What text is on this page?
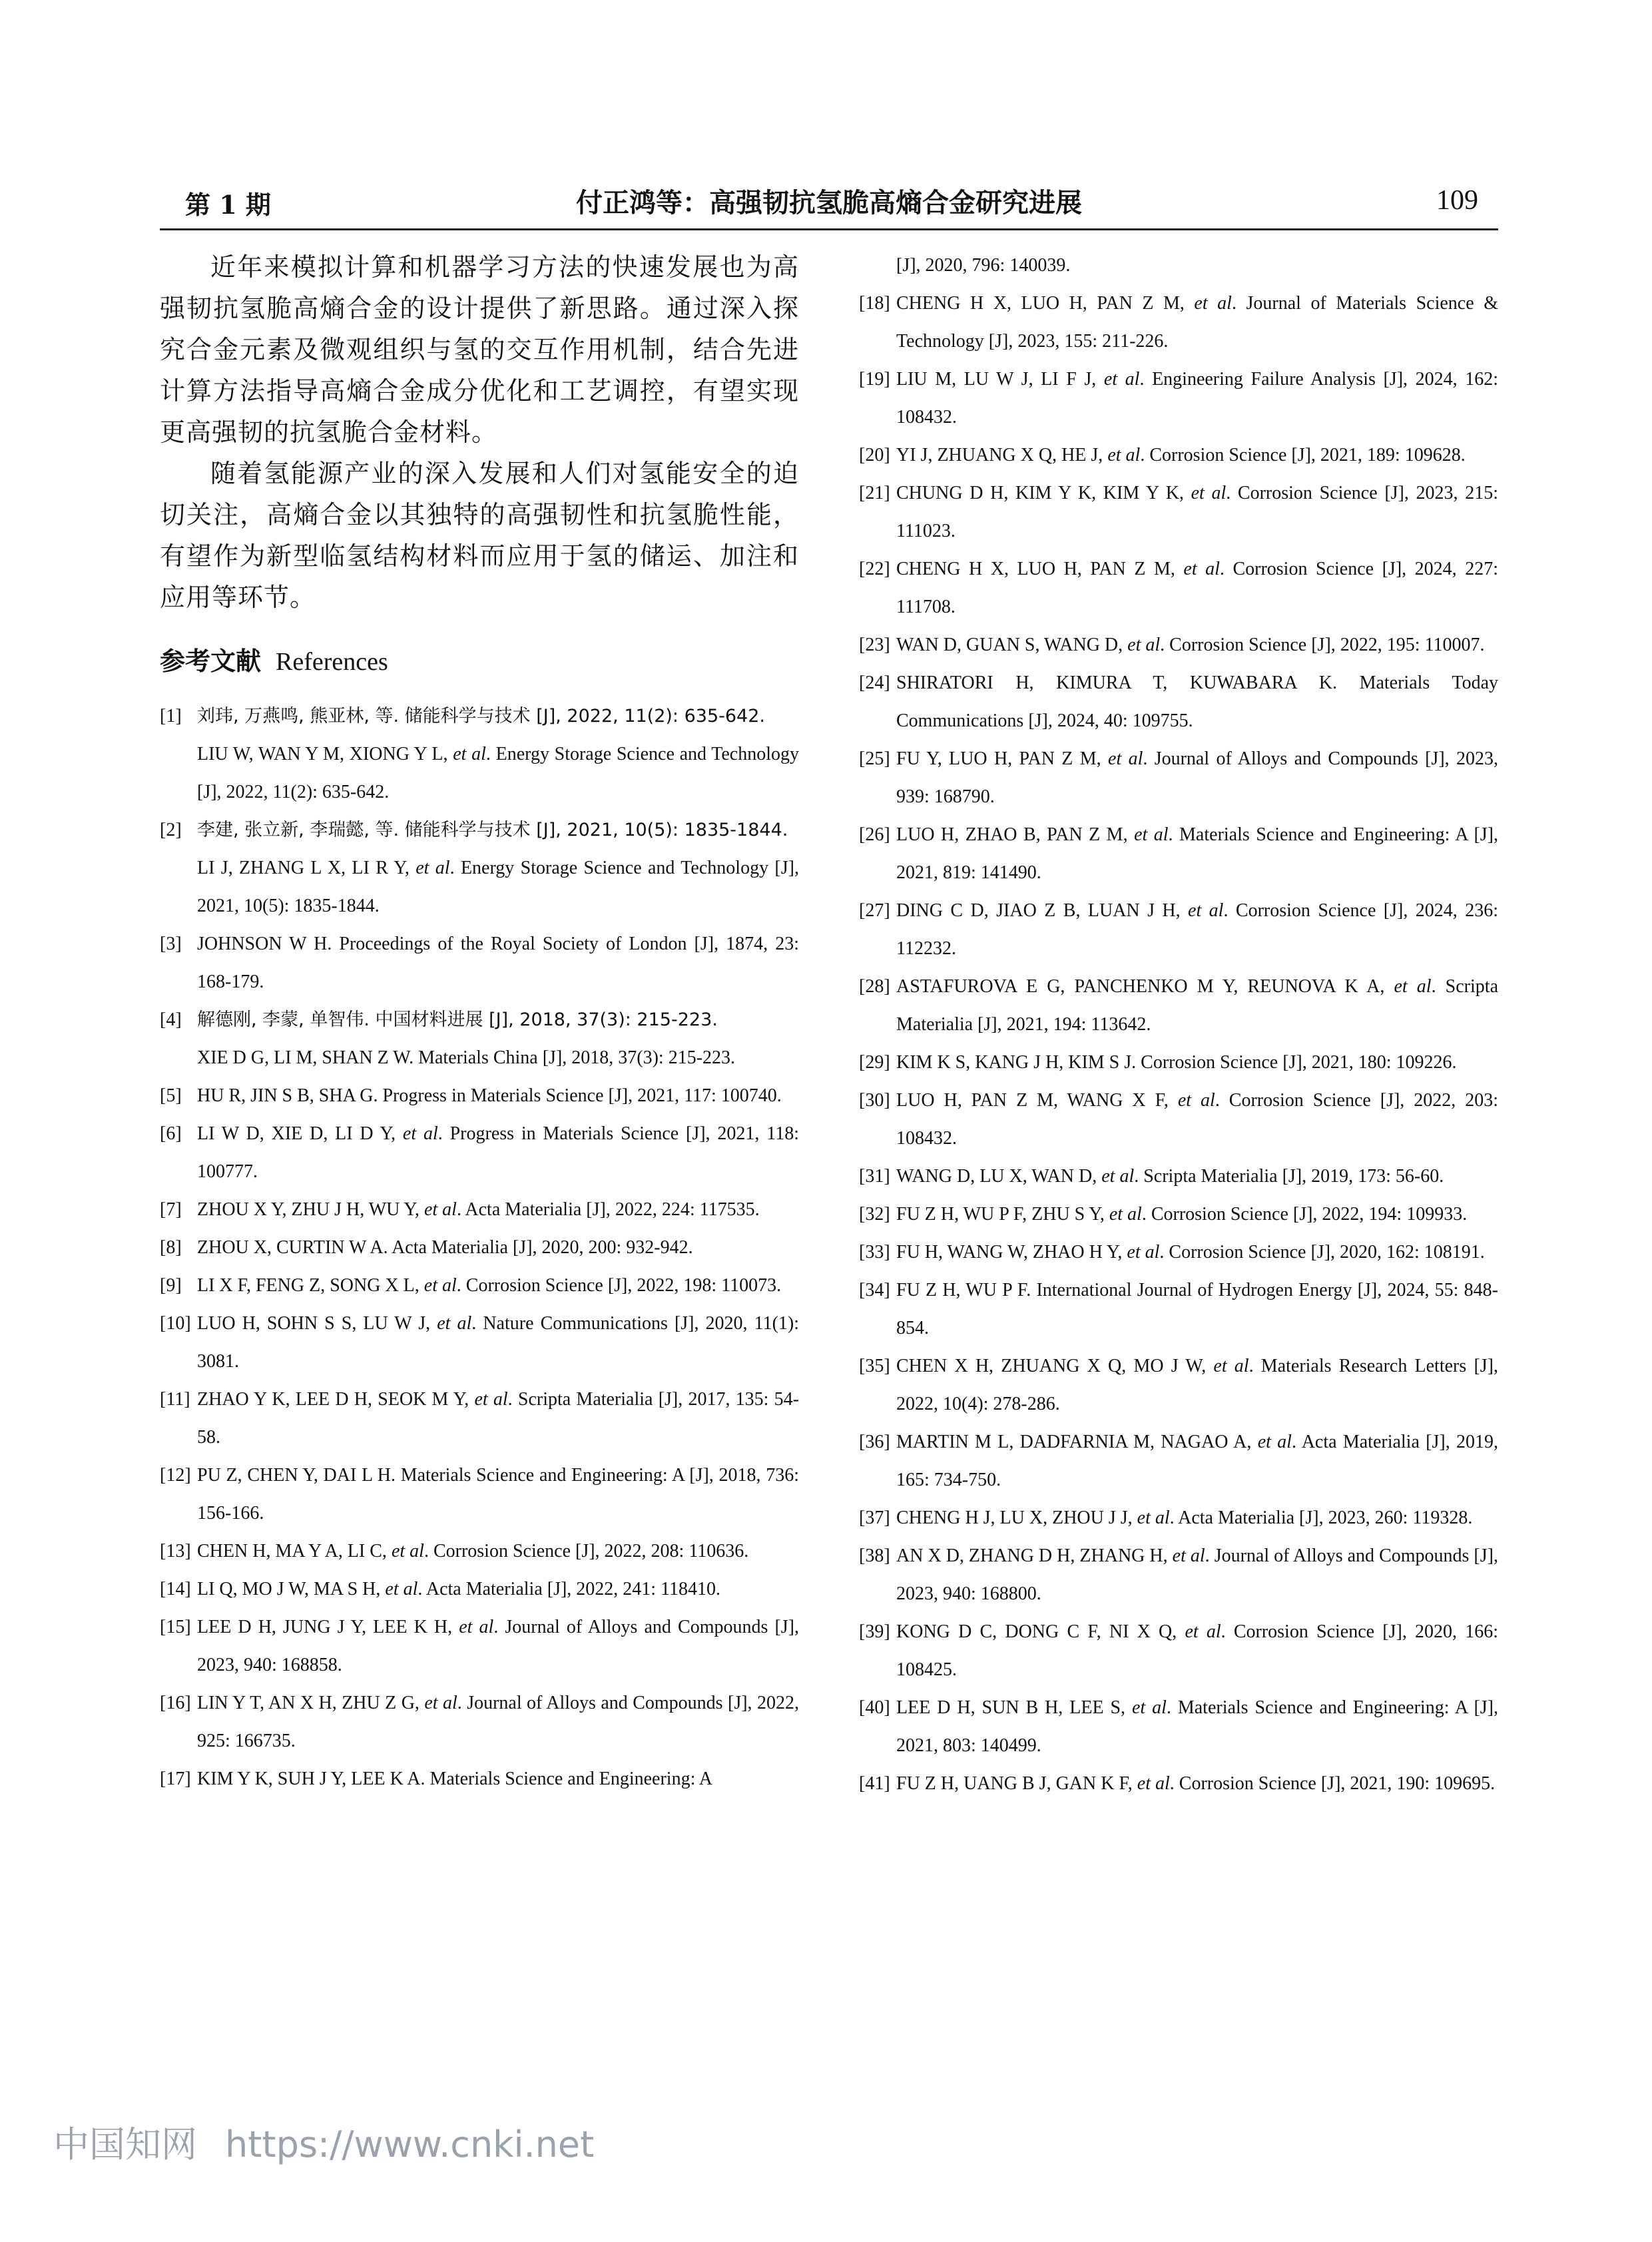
第 1 期	付正鸿等：高强韧抗氢脆高熵合金研究进展	109

近年来模拟计算和机器学习方法的快速发展也为高强韧抗氢脆高熵合金的设计提供了新思路。通过深入探究合金元素及微观组织与氢的交互作用机制，结合先进计算方法指导高熵合金成分优化和工艺调控，有望实现更高强韧的抗氢脆合金材料。

随着氢能源产业的深入发展和人们对氢能安全的迫切关注，高熵合金以其独特的高强韧性和抗氢脆性能，有望作为新型临氢结构材料而应用于氢的储运、加注和应用等环节。

参考文献 References

[1] 刘玮, 万燕鸣, 熊亚林, 等. 储能科学与技术 [J], 2022, 11(2): 635-642.
LIU W, WAN Y M, XIONG Y L, et al. Energy Storage Science and Technology [J], 2022, 11(2): 635-642.

[2] 李建, 张立新, 李瑞懿, 等. 储能科学与技术 [J], 2021, 10(5): 1835-1844.
LI J, ZHANG L X, LI R Y, et al. Energy Storage Science and Technology [J], 2021, 10(5): 1835-1844.

[3] JOHNSON W H. Proceedings of the Royal Society of London [J], 1874, 23: 168-179.

[4] 解德刚, 李蒙, 单智伟. 中国材料进展 [J], 2018, 37(3): 215-223.
XIE D G, LI M, SHAN Z W. Materials China [J], 2018, 37(3): 215-223.

[5] HU R, JIN S B, SHA G. Progress in Materials Science [J], 2021, 117: 100740.

[6] LI W D, XIE D, LI D Y, et al. Progress in Materials Science [J], 2021, 118: 100777.

[7] ZHOU X Y, ZHU J H, WU Y, et al. Acta Materialia [J], 2022, 224: 117535.

[8] ZHOU X, CURTIN W A. Acta Materialia [J], 2020, 200: 932-942.

[9] LI X F, FENG Z, SONG X L, et al. Corrosion Science [J], 2022, 198: 110073.

[10] LUO H, SOHN S S, LU W J, et al. Nature Communications [J], 2020, 11(1): 3081.

[11] ZHAO Y K, LEE D H, SEOK M Y, et al. Scripta Materialia [J], 2017, 135: 54-58.

[12] PU Z, CHEN Y, DAI L H. Materials Science and Engineering: A [J], 2018, 736: 156-166.

[13] CHEN H, MA Y A, LI C, et al. Corrosion Science [J], 2022, 208: 110636.

[14] LI Q, MO J W, MA S H, et al. Acta Materialia [J], 2022, 241: 118410.

[15] LEE D H, JUNG J Y, LEE K H, et al. Journal of Alloys and Compounds [J], 2023, 940: 168858.

[16] LIN Y T, AN X H, ZHU Z G, et al. Journal of Alloys and Compounds [J], 2022, 925: 166735.

[17] KIM Y K, SUH J Y, LEE K A. Materials Science and Engineering: A

[J], 2020, 796: 140039.

[18] CHENG H X, LUO H, PAN Z M, et al. Journal of Materials Science & Technology [J], 2023, 155: 211-226.

[19] LIU M, LU W J, LI F J, et al. Engineering Failure Analysis [J], 2024, 162: 108432.

[20] YI J, ZHUANG X Q, HE J, et al. Corrosion Science [J], 2021, 189: 109628.

[21] CHUNG D H, KIM Y K, KIM Y K, et al. Corrosion Science [J], 2023, 215: 111023.

[22] CHENG H X, LUO H, PAN Z M, et al. Corrosion Science [J], 2024, 227: 111708.

[23] WAN D, GUAN S, WANG D, et al. Corrosion Science [J], 2022, 195: 110007.

[24] SHIRATORI H, KIMURA T, KUWABARA K. Materials Today Communications [J], 2024, 40: 109755.

[25] FU Y, LUO H, PAN Z M, et al. Journal of Alloys and Compounds [J], 2023, 939: 168790.

[26] LUO H, ZHAO B, PAN Z M, et al. Materials Science and Engineering: A [J], 2021, 819: 141490.

[27] DING C D, JIAO Z B, LUAN J H, et al. Corrosion Science [J], 2024, 236: 112232.

[28] ASTAFUROVA E G, PANCHENKO M Y, REUNOVA K A, et al. Scripta Materialia [J], 2021, 194: 113642.

[29] KIM K S, KANG J H, KIM S J. Corrosion Science [J], 2021, 180: 109226.

[30] LUO H, PAN Z M, WANG X F, et al. Corrosion Science [J], 2022, 203: 108432.

[31] WANG D, LU X, WAN D, et al. Scripta Materialia [J], 2019, 173: 56-60.

[32] FU Z H, WU P F, ZHU S Y, et al. Corrosion Science [J], 2022, 194: 109933.

[33] FU H, WANG W, ZHAO H Y, et al. Corrosion Science [J], 2020, 162: 108191.

[34] FU Z H, WU P F. International Journal of Hydrogen Energy [J], 2024, 55: 848-854.

[35] CHEN X H, ZHUANG X Q, MO J W, et al. Materials Research Letters [J], 2022, 10(4): 278-286.

[36] MARTIN M L, DADFARNIA M, NAGAO A, et al. Acta Materialia [J], 2019, 165: 734-750.

[37] CHENG H J, LU X, ZHOU J J, et al. Acta Materialia [J], 2023, 260: 119328.

[38] AN X D, ZHANG D H, ZHANG H, et al. Journal of Alloys and Compounds [J], 2023, 940: 168800.

[39] KONG D C, DONG C F, NI X Q, et al. Corrosion Science [J], 2020, 166: 108425.

[40] LEE D H, SUN B H, LEE S, et al. Materials Science and Engineering: A [J], 2021, 803: 140499.

[41] FU Z H, UANG B J, GAN K F, et al. Corrosion Science [J], 2021, 190: 109695.

中国知网 https://www.cnki.net
